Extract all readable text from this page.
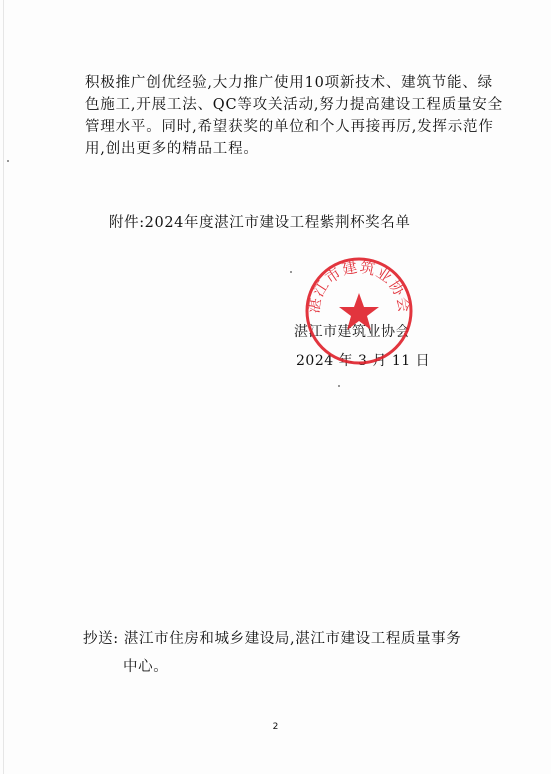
积极推广创优经验,大力推广使用10项新技术、建筑节能、绿
色施工,开展工法、QC等攻关活动,努力提高建设工程质量安全
管理水平。同时,希望获奖的单位和个人再接再厉,发挥示范作
用,创出更多的精品工程。
附件:2024年度湛江市建设工程紫荆杯奖名单
湛江市建筑业协会
2024 年 3 月 11 日
湛江市建筑业协会
抄送: 湛江市住房和城乡建设局,湛江市建设工程质量事务
中心。
2
